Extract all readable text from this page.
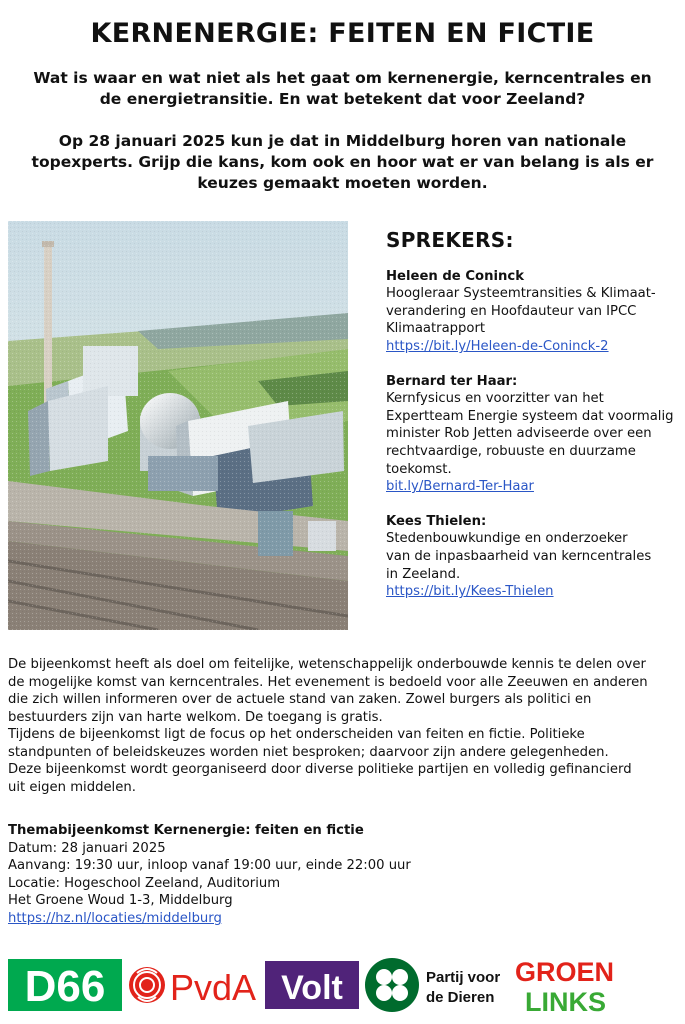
KERNENERGIE: FEITEN EN FICTIE

Wat is waar en wat niet als het gaat om kernenergie, kerncentrales en de energietransitie. En wat betekent dat voor Zeeland?

Op 28 januari 2025 kun je dat in Middelburg horen van nationale topexperts. Grijp die kans, kom ook en hoor wat er van belang is als er keuzes gemaakt moeten worden.

SPREKERS:
Heleen de Coninck
Hoogleraar Systeemtransities & Klimaat-
verandering en Hoofdauteur van IPCC
Klimaatrapport
https://bit.ly/Heleen-de-Coninck-2
Bernard ter Haar:
Kernfysicus en voorzitter van het
Expertteam Energie systeem dat voormalig
minister Rob Jetten adviseerde over een
rechtvaardige, robuuste en duurzame
toekomst.
bit.ly/Bernard-Ter-Haar
Kees Thielen:
Stedenbouwkundige en onderzoeker
van de inpasbaarheid van kerncentrales
in Zeeland.
https://bit.ly/Kees-Thielen

De bijeenkomst heeft als doel om feitelijke, wetenschappelijk onderbouwde kennis te delen over

de mogelijke komst van kerncentrales. Het evenement is bedoeld voor alle Zeeuwen en anderen

die zich willen informeren over de actuele stand van zaken. Zowel burgers als politici en

bestuurders zijn van harte welkom. De toegang is gratis.

Tijdens de bijeenkomst ligt de focus op het onderscheiden van feiten en fictie. Politieke

standpunten of beleidskeuzes worden niet besproken; daarvoor zijn andere gelegenheden.

Deze bijeenkomst wordt georganiseerd door diverse politieke partijen en volledig gefinancierd

uit eigen middelen.

Themabijeenkomst Kernenergie: feiten en fictie
Datum: 28 januari 2025
Aanvang: 19:30 uur, inloop vanaf 19:00 uur, einde 22:00 uur
Locatie: Hogeschool Zeeland, Auditorium
Het Groene Woud 1-3, Middelburg
https://hz.nl/locaties/middelburg
D66 PvdA Volt	Partij voor
de Dieren
GROEN
LINKS
